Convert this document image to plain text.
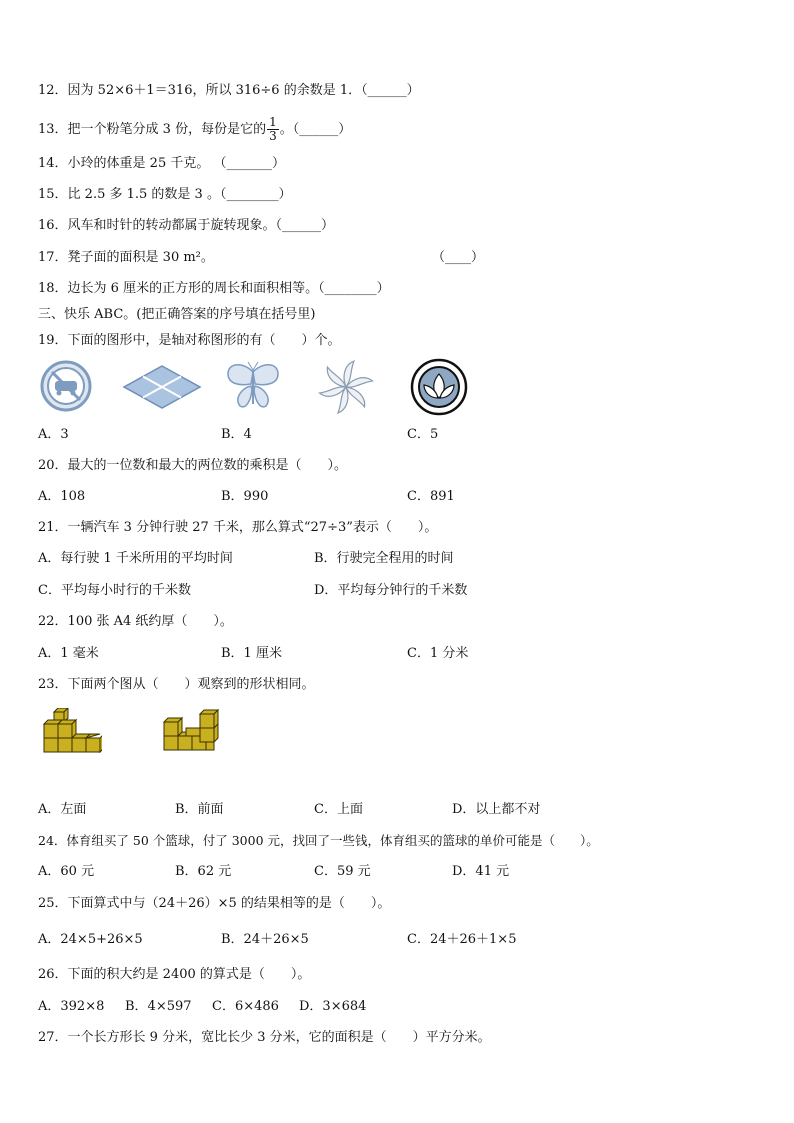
12．因为 52×6＋1＝316，所以 316÷6 的余数是 1．（______）
13．把一个粉笔分成 3 份，每份是它的 $\frac{1}{3}$ 。（______）
14．小玲的体重是 25 千克。 （_______）
15．比 2.5 多 1.5 的数是 3 。（________）
16．风车和时针的转动都属于旋转现象。（______）
17．凳子面的面积是 30 m²。	（____）
18．边长为 6 厘米的正方形的周长和面积相等。（________）
三、快乐 ABC。(把正确答案的序号填在括号里)
19．下面的图形中，是轴对称图形的有（　　）个。
A．3	B．4	C．5
20．最大的一位数和最大的两位数的乘积是（　　）。
A．108	B．990	C．891
21．一辆汽车 3 分钟行驶 27 千米，那么算式“27÷3”表示（　　）。
A．每行驶 1 千米所用的平均时间	B．行驶完全程用的时间
C．平均每小时行的千米数	D．平均每分钟行的千米数
22．100 张 A4 纸约厚（　　）。
A．1 毫米	B．1 厘米	C．1 分米
23．下面两个图从（　　）观察到的形状相同。
A．左面	B．前面	C．上面	D．以上都不对
24．体育组买了 50 个篮球，付了 3000 元，找回了一些钱，体育组买的篮球的单价可能是（　　）。
A．60 元	B．62 元	C．59 元	D．41 元
25．下面算式中与（24＋26）×5 的结果相等的是（　　）。
A．24×5+26×5	B．24＋26×5	C．24＋26＋1×5
26．下面的积大约是 2400 的算式是（　　）。
A．392×8 B．4×597 C．6×486 D．3×684
27．一个长方形长 9 分米，宽比长少 3 分米，它的面积是（　　）平方分米。
